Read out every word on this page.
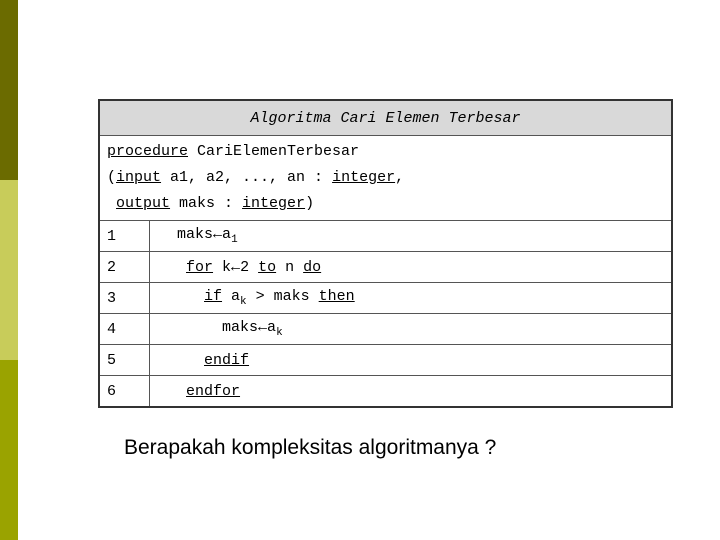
Algoritma Cari Elemen Terbesar	

procedure CariElemenTerbesar
(input a1, a2, ..., an : integer,
output maks : integer)	

1	$maks\leftarrow a_1$
2	for k←2 to n do
3	if $a_k$ > maks then
4	$maks\leftarrow a_k$
5	endif
6	endfor
Berapakah kompleksitas algoritmanya ?
